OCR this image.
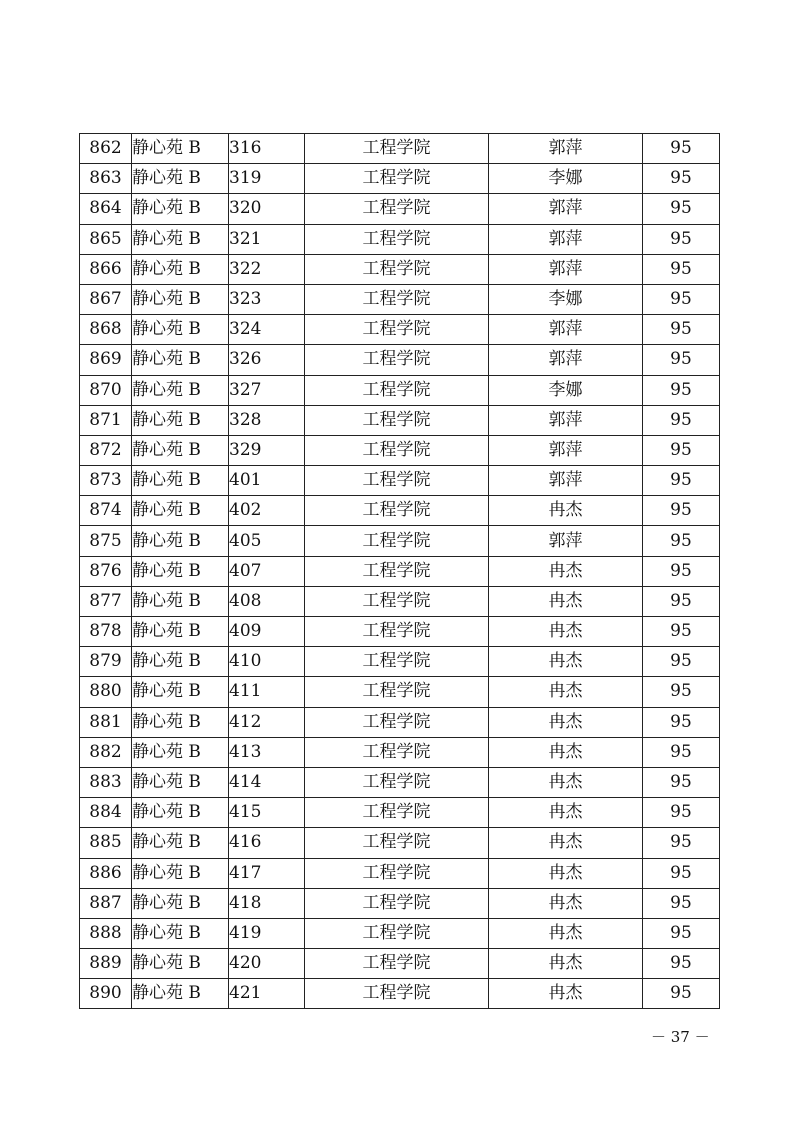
862	静心苑 B	316	工程学院	郭萍	95
863	静心苑 B	319	工程学院	李娜	95
864	静心苑 B	320	工程学院	郭萍	95
865	静心苑 B	321	工程学院	郭萍	95
866	静心苑 B	322	工程学院	郭萍	95
867	静心苑 B	323	工程学院	李娜	95
868	静心苑 B	324	工程学院	郭萍	95
869	静心苑 B	326	工程学院	郭萍	95
870	静心苑 B	327	工程学院	李娜	95
871	静心苑 B	328	工程学院	郭萍	95
872	静心苑 B	329	工程学院	郭萍	95
873	静心苑 B	401	工程学院	郭萍	95
874	静心苑 B	402	工程学院	冉杰	95
875	静心苑 B	405	工程学院	郭萍	95
876	静心苑 B	407	工程学院	冉杰	95
877	静心苑 B	408	工程学院	冉杰	95
878	静心苑 B	409	工程学院	冉杰	95
879	静心苑 B	410	工程学院	冉杰	95
880	静心苑 B	411	工程学院	冉杰	95
881	静心苑 B	412	工程学院	冉杰	95
882	静心苑 B	413	工程学院	冉杰	95
883	静心苑 B	414	工程学院	冉杰	95
884	静心苑 B	415	工程学院	冉杰	95
885	静心苑 B	416	工程学院	冉杰	95
886	静心苑 B	417	工程学院	冉杰	95
887	静心苑 B	418	工程学院	冉杰	95
888	静心苑 B	419	工程学院	冉杰	95
889	静心苑 B	420	工程学院	冉杰	95
890	静心苑 B	421	工程学院	冉杰	95
－ 37 －
